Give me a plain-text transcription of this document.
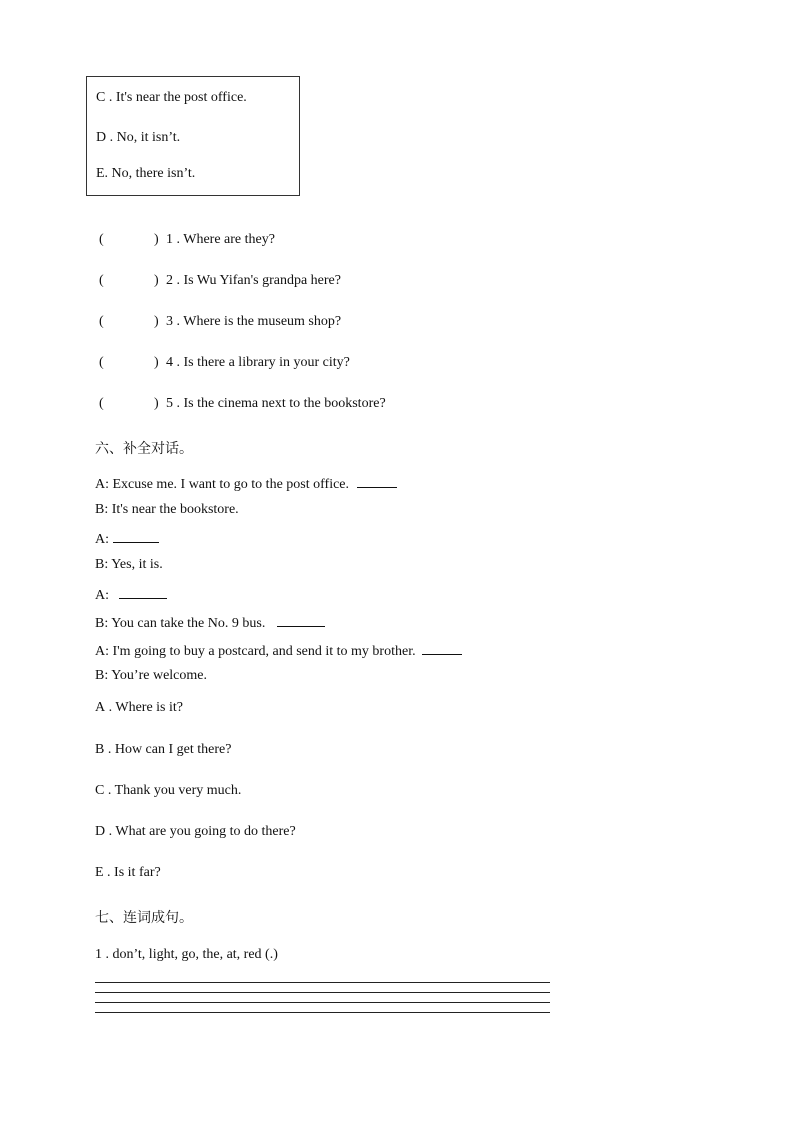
C . It's near the post office.
D . No, it isn’t.
E. No, there isn’t.
(	) 1 . Where are they?
(	) 2 . Is Wu Yifan's grandpa here?
(	) 3 . Where is the museum shop?
(	) 4 . Is there a library in your city?
(	) 5 . Is the cinema next to the bookstore?
六、补全对话。
A: Excuse me. I want to go to the post office.
B: It's near the bookstore.
A:
B: Yes, it is.
A:
B: You can take the No. 9 bus.
A: I'm going to buy a postcard, and send it to my brother.
B: You’re welcome.
A . Where is it?
B . How can I get there?
C . Thank you very much.
D . What are you going to do there?
E . Is it far?
七、连词成句。
1 . don’t, light, go, the, at, red (.)
